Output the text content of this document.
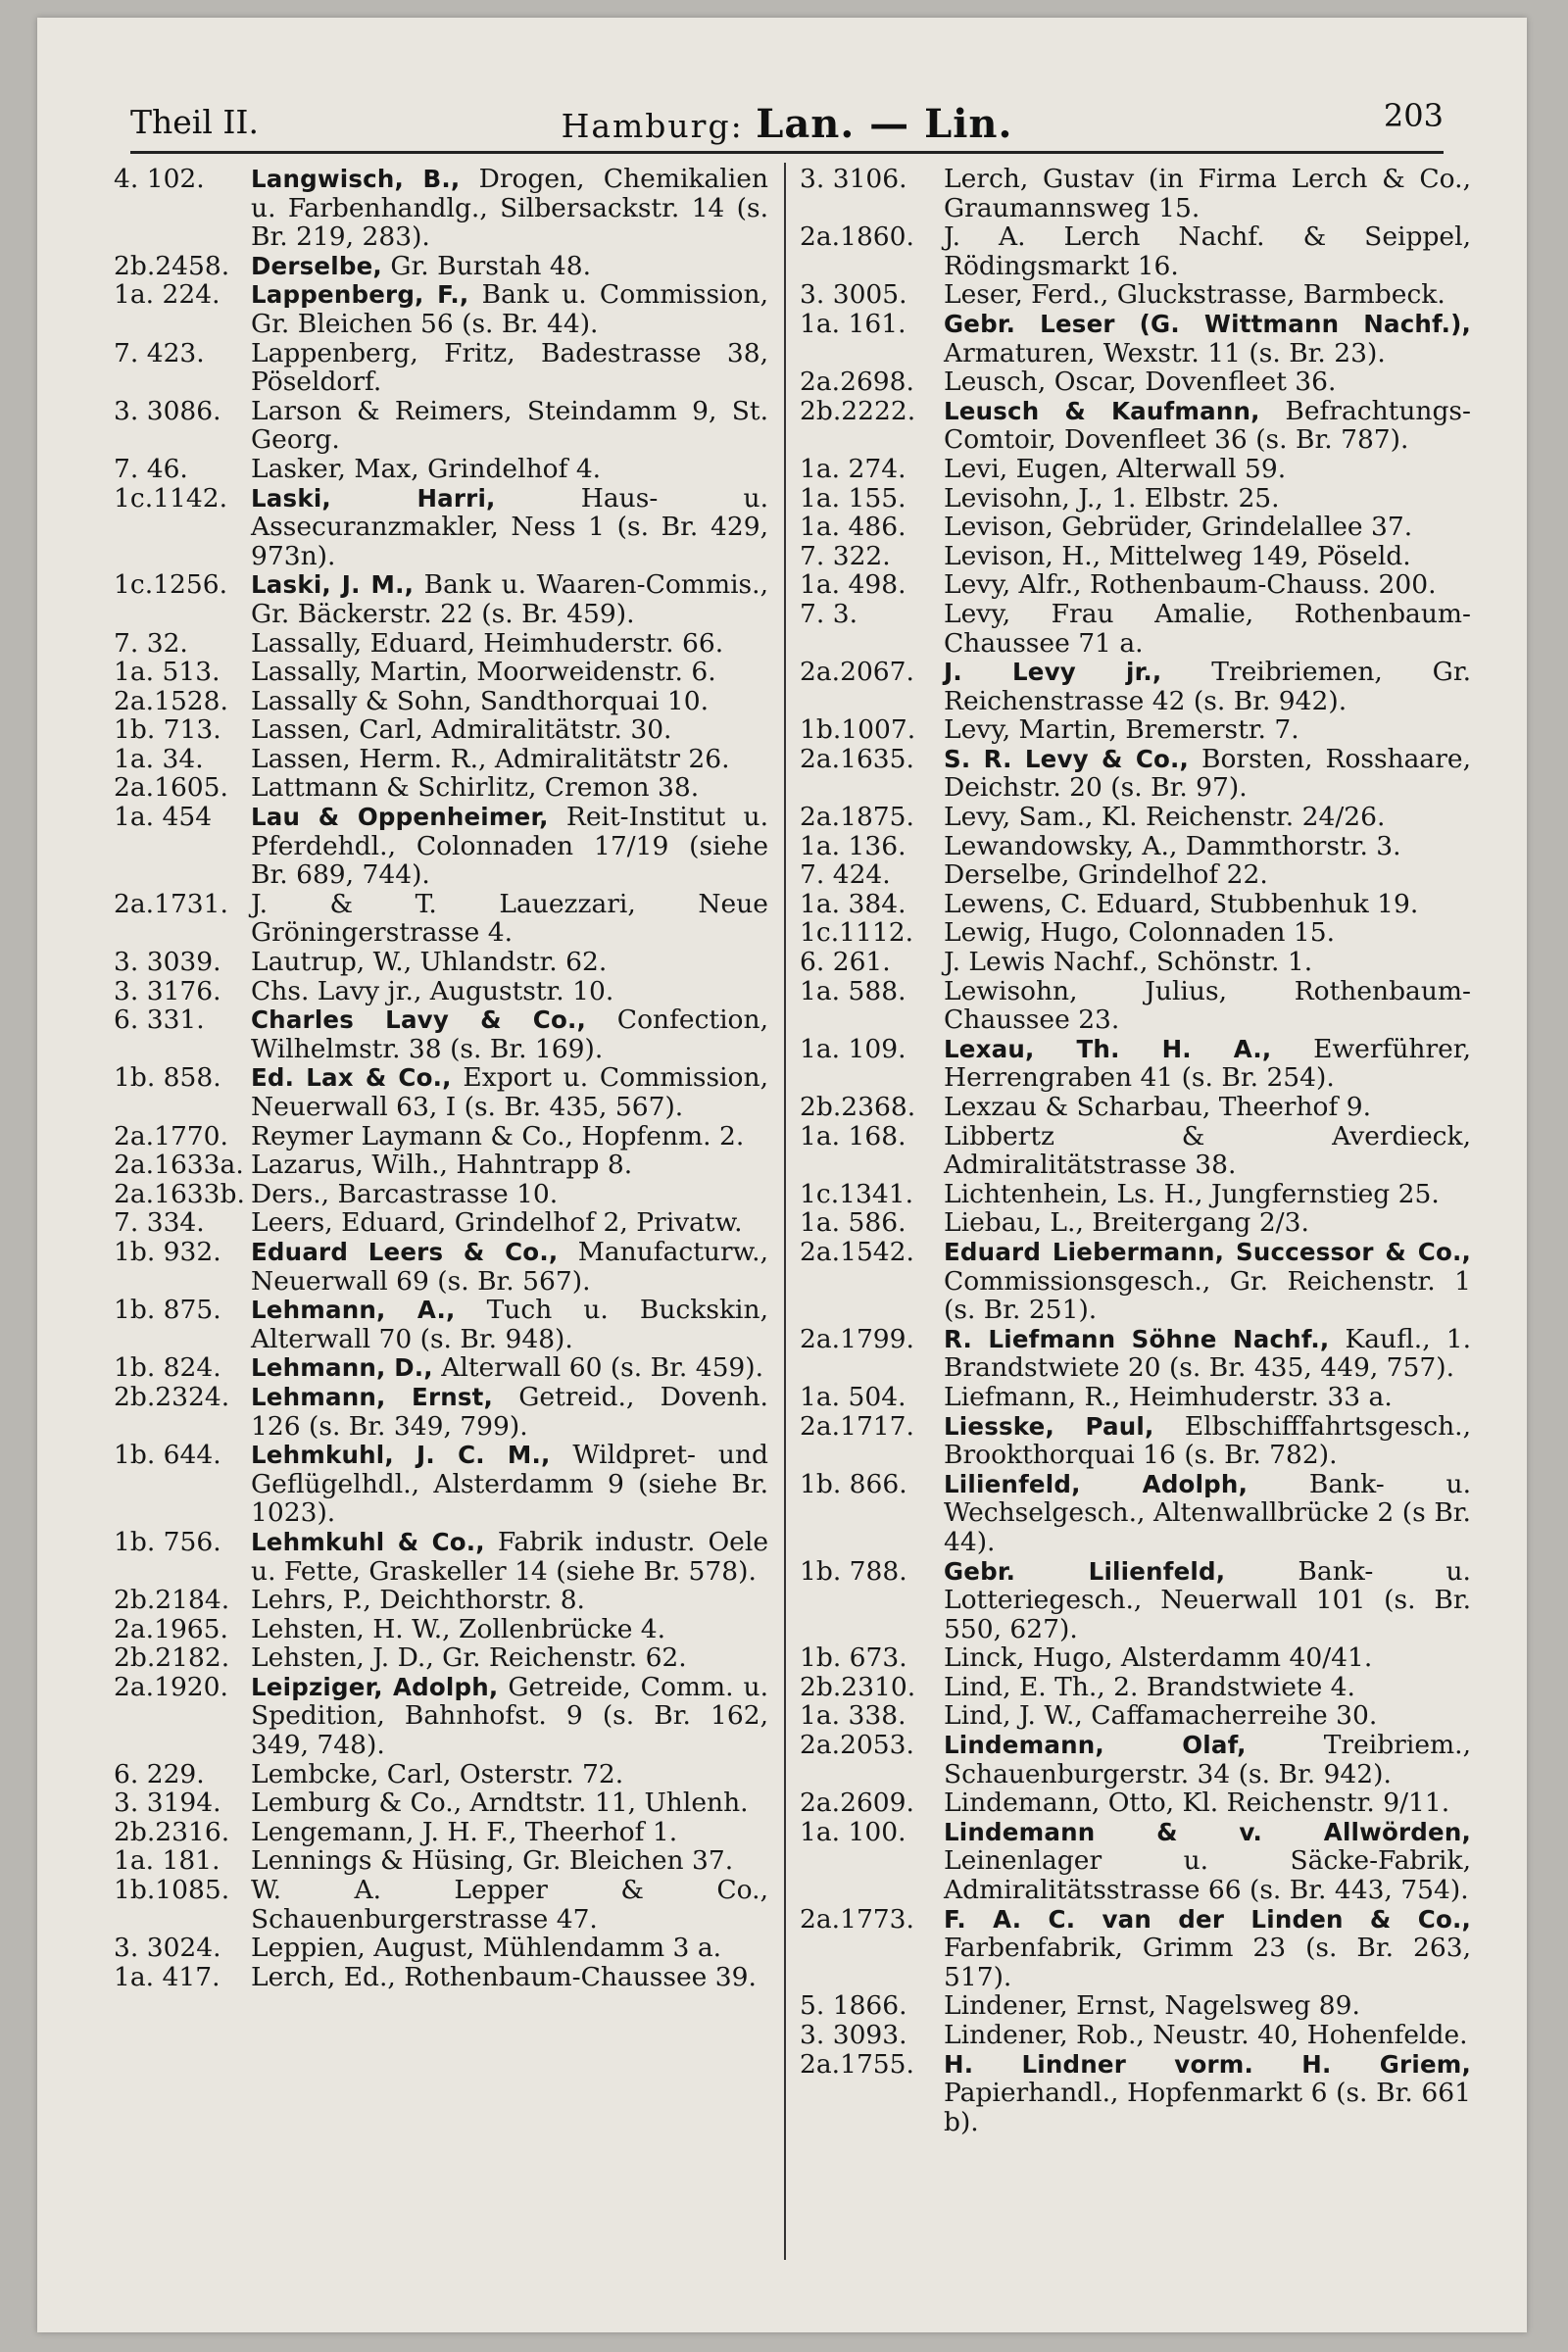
Theil II.	Hamburg: Lan. — Lin.	203
4. 102.	Langwisch, B., Drogen, Chemikalien u. Farbenhandlg., Silbersackstr. 14 (s. Br. 219, 283).
2b.2458. Derselbe, Gr. Burstah 48.
1a. 224.	Lappenberg, F., Bank u. Commission, Gr. Bleichen 56 (s. Br. 44).
7. 423.	Lappenberg, Fritz, Badestrasse 38, Pöseldorf.
3. 3086.	Larson & Reimers, Steindamm 9, St. Georg.
7. 46.	Lasker, Max, Grindelhof 4.
1c.1142. Laski, Harri, Haus- u. Assecuranzmakler, Ness 1 (s. Br. 429, 973n).
1c.1256. Laski, J. M., Bank u. Waaren-Commis., Gr. Bäckerstr. 22 (s. Br. 459).
7. 32.	Lassally, Eduard, Heimhuderstr. 66.
1a. 513.	Lassally, Martin, Moorweidenstr. 6.
2a.1528. Lassally & Sohn, Sandthorquai 10.
1b. 713.	Lassen, Carl, Admiralitätstr. 30.
1a. 34.	Lassen, Herm. R., Admiralitätstr 26.
2a.1605. Lattmann & Schirlitz, Cremon 38.
1a. 454	Lau & Oppenheimer, Reit-Institut u. Pferdehdl., Colonnaden 17/19 (siehe Br. 689, 744).
2a.1731. J. & T. Lauezzari, Neue Gröningerstrasse 4.
3. 3039.	Lautrup, W., Uhlandstr. 62.
3. 3176.	Chs. Lavy jr., Auguststr. 10.
6. 331.	Charles Lavy & Co., Confection, Wilhelmstr. 38 (s. Br. 169).
1b. 858.	Ed. Lax & Co., Export u. Commission, Neuerwall 63, I (s. Br. 435, 567).
2a.1770. Reymer Laymann & Co., Hopfenm. 2.
2a.1633a. Lazarus, Wilh., Hahntrapp 8.
2a.1633b. Ders., Barcastrasse 10.
7. 334.	Leers, Eduard, Grindelhof 2, Privatw.
1b. 932.	Eduard Leers & Co., Manufacturw., Neuerwall 69 (s. Br. 567).
1b. 875.	Lehmann, A., Tuch u. Buckskin, Alterwall 70 (s. Br. 948).
1b. 824.	Lehmann, D., Alterwall 60 (s. Br. 459).
2b.2324. Lehmann, Ernst, Getreid., Dovenh. 126 (s. Br. 349, 799).
1b. 644.	Lehmkuhl, J. C. M., Wildpret- und Geflügelhdl., Alsterdamm 9 (siehe Br. 1023).
1b. 756.	Lehmkuhl & Co., Fabrik industr. Oele u. Fette, Graskeller 14 (siehe Br. 578).
2b.2184. Lehrs, P., Deichthorstr. 8.
2a.1965. Lehsten, H. W., Zollenbrücke 4.
2b.2182. Lehsten, J. D., Gr. Reichenstr. 62.
2a.1920. Leipziger, Adolph, Getreide, Comm. u. Spedition, Bahnhofst. 9 (s. Br. 162, 349, 748).
6. 229.	Lembcke, Carl, Osterstr. 72.
3. 3194.	Lemburg & Co., Arndtstr. 11, Uhlenh.
2b.2316. Lengemann, J. H. F., Theerhof 1.
1a. 181.	Lennings & Hüsing, Gr. Bleichen 37.
1b.1085. W. A. Lepper & Co., Schauenburgerstrasse 47.
3. 3024.	Leppien, August, Mühlendamm 3 a.
1a. 417.	Lerch, Ed., Rothenbaum-Chaussee 39.
3. 3106.	Lerch, Gustav (in Firma Lerch & Co., Graumannsweg 15.
2a.1860.	J. A. Lerch Nachf. & Seippel, Rödingsmarkt 16.
3. 3005.	Leser, Ferd., Gluckstrasse, Barmbeck.
1a. 161.	Gebr. Leser (G. Wittmann Nachf.), Armaturen, Wexstr. 11 (s. Br. 23).
2a.2698.	Leusch, Oscar, Dovenfleet 36.
2b.2222.	Leusch & Kaufmann, Befrachtungs-Comtoir, Dovenfleet 36 (s. Br. 787).
1a. 274.	Levi, Eugen, Alterwall 59.
1a. 155.	Levisohn, J., 1. Elbstr. 25.
1a. 486.	Levison, Gebrüder, Grindelallee 37.
7. 322.	Levison, H., Mittelweg 149, Pöseld.
1a. 498.	Levy, Alfr., Rothenbaum-Chauss. 200.
7. 3.	Levy, Frau Amalie, Rothenbaum-Chaussee 71 a.
2a.2067.	J. Levy jr., Treibriemen, Gr. Reichenstrasse 42 (s. Br. 942).
1b.1007.	Levy, Martin, Bremerstr. 7.
2a.1635.	S. R. Levy & Co., Borsten, Rosshaare, Deichstr. 20 (s. Br. 97).
2a.1875.	Levy, Sam., Kl. Reichenstr. 24/26.
1a. 136.	Lewandowsky, A., Dammthorstr. 3.
7. 424.	Derselbe, Grindelhof 22.
1a. 384.	Lewens, C. Eduard, Stubbenhuk 19.
1c.1112.	Lewig, Hugo, Colonnaden 15.
6. 261.	J. Lewis Nachf., Schönstr. 1.
1a. 588.	Lewisohn, Julius, Rothenbaum-Chaussee 23.
1a. 109.	Lexau, Th. H. A., Ewerführer, Herrengraben 41 (s. Br. 254).
2b.2368.	Lexzau & Scharbau, Theerhof 9.
1a. 168.	Libbertz & Averdieck, Admiralitätstrasse 38.
1c.1341.	Lichtenhein, Ls. H., Jungfernstieg 25.
1a. 586.	Liebau, L., Breitergang 2/3.
2a.1542.	Eduard Liebermann, Successor & Co., Commissionsgesch., Gr. Reichenstr. 1 (s. Br. 251).
2a.1799.	R. Liefmann Söhne Nachf., Kaufl., 1. Brandstwiete 20 (s. Br. 435, 449, 757).
1a. 504.	Liefmann, R., Heimhuderstr. 33 a.
2a.1717.	Liesske, Paul, Elbschifffahrtsgesch., Brookthorquai 16 (s. Br. 782).
1b. 866.	Lilienfeld, Adolph, Bank- u. Wechselgesch., Altenwallbrücke 2 (s Br. 44).
1b. 788.	Gebr. Lilienfeld, Bank- u. Lotteriegesch., Neuerwall 101 (s. Br. 550, 627).
1b. 673.	Linck, Hugo, Alsterdamm 40/41.
2b.2310.	Lind, E. Th., 2. Brandstwiete 4.
1a. 338.	Lind, J. W., Caffamacherreihe 30.
2a.2053.	Lindemann, Olaf, Treibriem., Schauenburgerstr. 34 (s. Br. 942).
2a.2609.	Lindemann, Otto, Kl. Reichenstr. 9/11.
1a. 100.	Lindemann & v. Allwörden, Leinenlager u. Säcke-Fabrik, Admiralitätsstrasse 66 (s. Br. 443, 754).
2a.1773.	F. A. C. van der Linden & Co., Farbenfabrik, Grimm 23 (s. Br. 263, 517).
5. 1866.	Lindener, Ernst, Nagelsweg 89.
3. 3093.	Lindener, Rob., Neustr. 40, Hohenfelde.
2a.1755.	H. Lindner vorm. H. Griem, Papierhandl., Hopfenmarkt 6 (s. Br. 661 b).
